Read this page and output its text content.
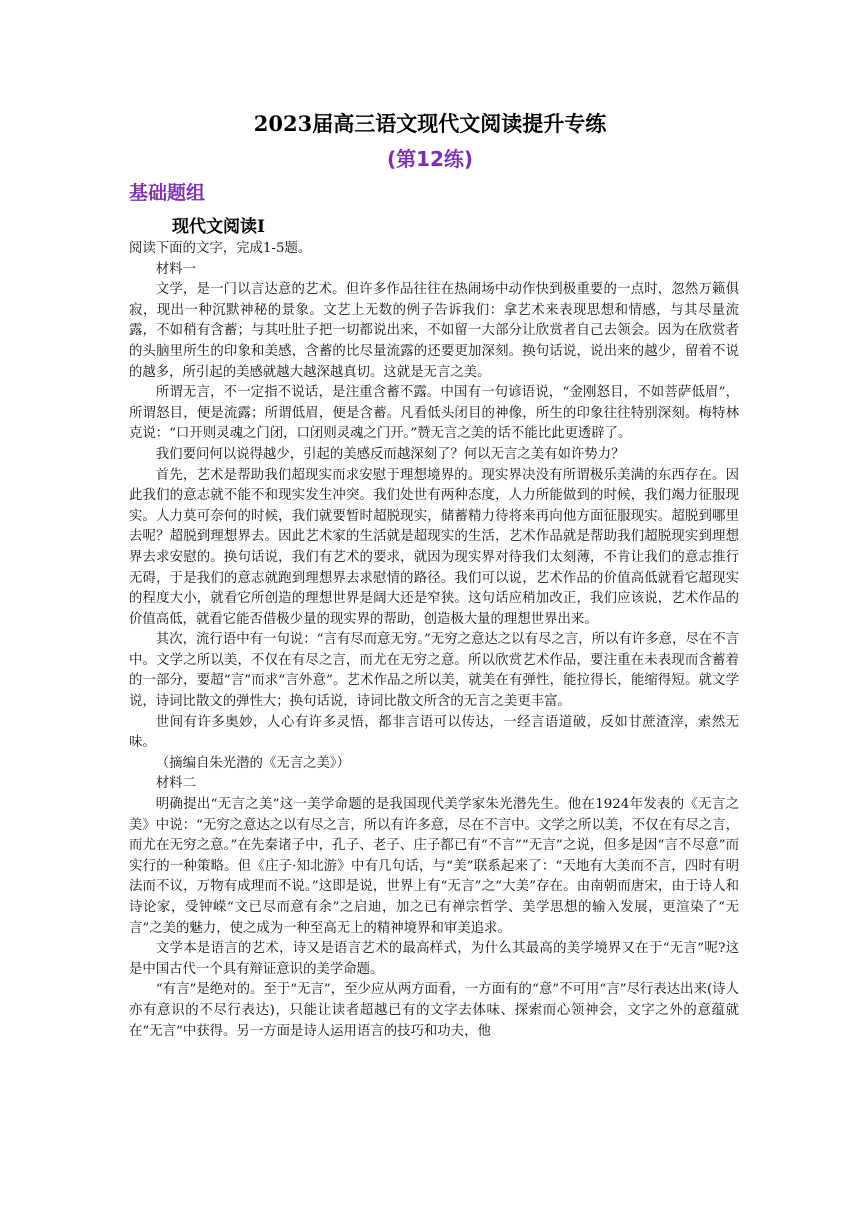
2023届高三语文现代文阅读提升专练
(第12练)
基础题组
现代文阅读Ⅰ

阅读下面的文字，完成1-5题。

材料一

文学，是一门以言达意的艺术。但许多作品往往在热闹场中动作快到极重要的一点时，忽然万籁俱寂，现出一种沉默神秘的景象。文艺上无数的例子告诉我们：拿艺术来表现思想和情感，与其尽量流露，不如稍有含蓄；与其吐肚子把一切都说出来，不如留一大部分让欣赏者自己去领会。因为在欣赏者的头脑里所生的印象和美感，含蓄的比尽量流露的还要更加深刻。换句话说，说出来的越少，留着不说的越多，所引起的美感就越大越深越真切。这就是无言之美。

所谓无言，不一定指不说话，是注重含蓄不露。中国有一句谚语说，“金刚怒目，不如菩萨低眉”，所谓怒目，便是流露；所谓低眉，便是含蓄。凡看低头闭目的神像，所生的印象往往特别深刻。梅特林克说：“口开则灵魂之门闭，口闭则灵魂之门开。”赞无言之美的话不能比此更透辟了。

我们要问何以说得越少，引起的美感反而越深刻了？何以无言之美有如许势力？

首先，艺术是帮助我们超现实而求安慰于理想境界的。现实界决没有所谓极乐美满的东西存在。因此我们的意志就不能不和现实发生冲突。我们处世有两种态度，人力所能做到的时候，我们竭力征服现实。人力莫可奈何的时候，我们就要暂时超脱现实，储蓄精力待将来再向他方面征服现实。超脱到哪里去呢？超脱到理想界去。因此艺术家的生活就是超现实的生活，艺术作品就是帮助我们超脱现实到理想界去求安慰的。换句话说，我们有艺术的要求，就因为现实界对待我们太刻薄，不肯让我们的意志推行无碍，于是我们的意志就跑到理想界去求慰情的路径。我们可以说，艺术作品的价值高低就看它超现实的程度大小，就看它所创造的理想世界是阔大还是窄狭。这句话应稍加改正，我们应该说，艺术作品的价值高低，就看它能否借极少量的现实界的帮助，创造极大量的理想世界出来。

其次，流行语中有一句说：“言有尽而意无穷。”无穷之意达之以有尽之言，所以有许多意，尽在不言中。文学之所以美，不仅在有尽之言，而尤在无穷之意。所以欣赏艺术作品，要注重在未表现而含蓄着的一部分，要超“言”而求“言外意”。艺术作品之所以美，就美在有弹性，能拉得长，能缩得短。就文学说，诗词比散文的弹性大；换句话说，诗词比散文所含的无言之美更丰富。

世间有许多奥妙，人心有许多灵悟，都非言语可以传达，一经言语道破，反如甘蔗渣滓，索然无味。

（摘编自朱光潜的《无言之美》）

材料二

明确提出“无言之美”这一美学命题的是我国现代美学家朱光潜先生。他在1924年发表的《无言之美》中说：“无穷之意达之以有尽之言，所以有许多意，尽在不言中。文学之所以美，不仅在有尽之言，而尤在无穷之意。”在先秦诸子中，孔子、老子、庄子都已有“不言”“无言”之说，但多是因“言不尽意”而实行的一种策略。但《庄子·知北游》中有几句话，与“美”联系起来了：“天地有大美而不言，四时有明法而不议，万物有成理而不说。”这即是说，世界上有“无言”之“大美”存在。由南朝而唐宋，由于诗人和诗论家，受钟嵘“文已尽而意有余”之启迪，加之已有禅宗哲学、美学思想的输入发展，更渲染了“无言”之美的魅力，使之成为一种至高无上的精神境界和审美追求。

文学本是语言的艺术，诗又是语言艺术的最高样式，为什么其最高的美学境界又在于“无言”呢?这是中国古代一个具有辩证意识的美学命题。

“有言”是绝对的。至于“无言”，至少应从两方面看，一方面有的“意”不可用“言”尽行表达出来(诗人亦有意识的不尽行表达)，只能让读者超越已有的文字去体味、探索而心领神会，文字之外的意蕴就在“无言”中获得。另一方面是诗人运用语言的技巧和功夫，他
